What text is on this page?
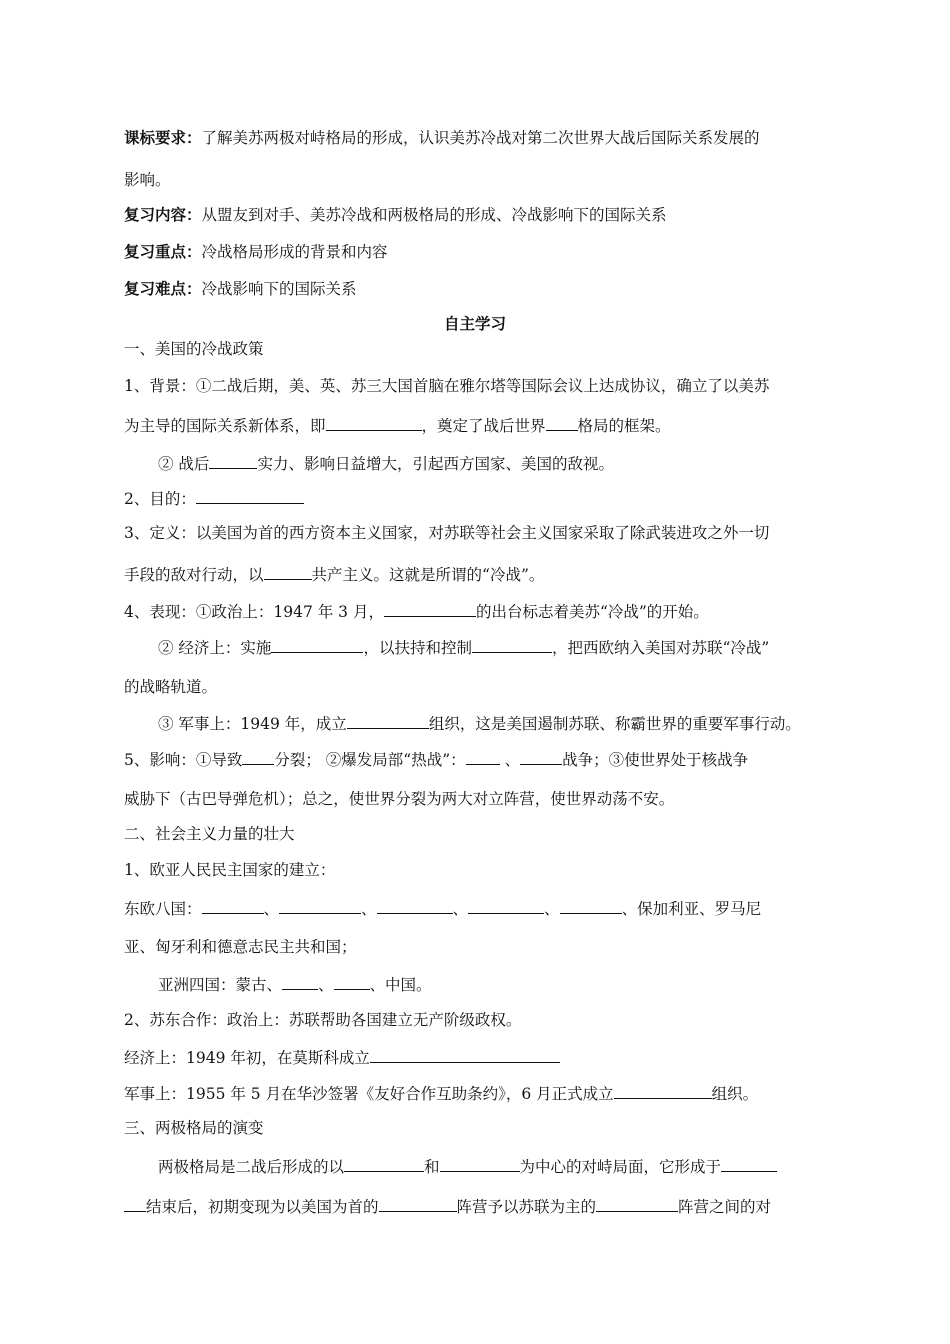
课标要求：了解美苏两极对峙格局的形成，认识美苏冷战对第二次世界大战后国际关系发展的
影响。
复习内容：从盟友到对手、美苏冷战和两极格局的形成、冷战影响下的国际关系
复习重点：冷战格局形成的背景和内容
复习难点：冷战影响下的国际关系
自主学习
一、美国的冷战政策
1、背景：①二战后期，美、英、苏三大国首脑在雅尔塔等国际会议上达成协议，确立了以美苏
为主导的国际关系新体系，即	，奠定了战后世界 格局的框架。
② 战后	实力、影响日益增大，引起西方国家、美国的敌视。
2、目的：
3、定义：以美国为首的西方资本主义国家，对苏联等社会主义国家采取了除武装进攻之外一切
手段的敌对行动，以	共产主义。这就是所谓的“冷战”。
4、表现：①政治上：1947 年 3 月，	的出台标志着美苏“冷战”的开始。
② 经济上：实施	，以扶持和控制	，把西欧纳入美国对苏联“冷战”
的战略轨道。
③ 军事上：1949 年，成立	组织，这是美国遏制苏联、称霸世界的重要军事行动。
5、影响：①导致 分裂； ②爆发局部“热战”： 、	战争；③使世界处于核战争
威胁下（古巴导弹危机）；总之，使世界分裂为两大对立阵营，使世界动荡不安。
二、社会主义力量的壮大
1、欧亚人民民主国家的建立：
东欧八国：	、	、	、	、	、保加利亚、罗马尼
亚、匈牙利和德意志民主共和国；
亚洲四国：蒙古、 、 、中国。
2、苏东合作：政治上：苏联帮助各国建立无产阶级政权。
经济上：1949 年初，在莫斯科成立
军事上：1955 年 5 月在华沙签署《友好合作互助条约》，6 月正式成立	组织。
三、两极格局的演变
两极格局是二战后形成的以	和	为中心的对峙局面，它形成于
结束后，初期变现为以美国为首的	阵营予以苏联为主的	阵营之间的对
